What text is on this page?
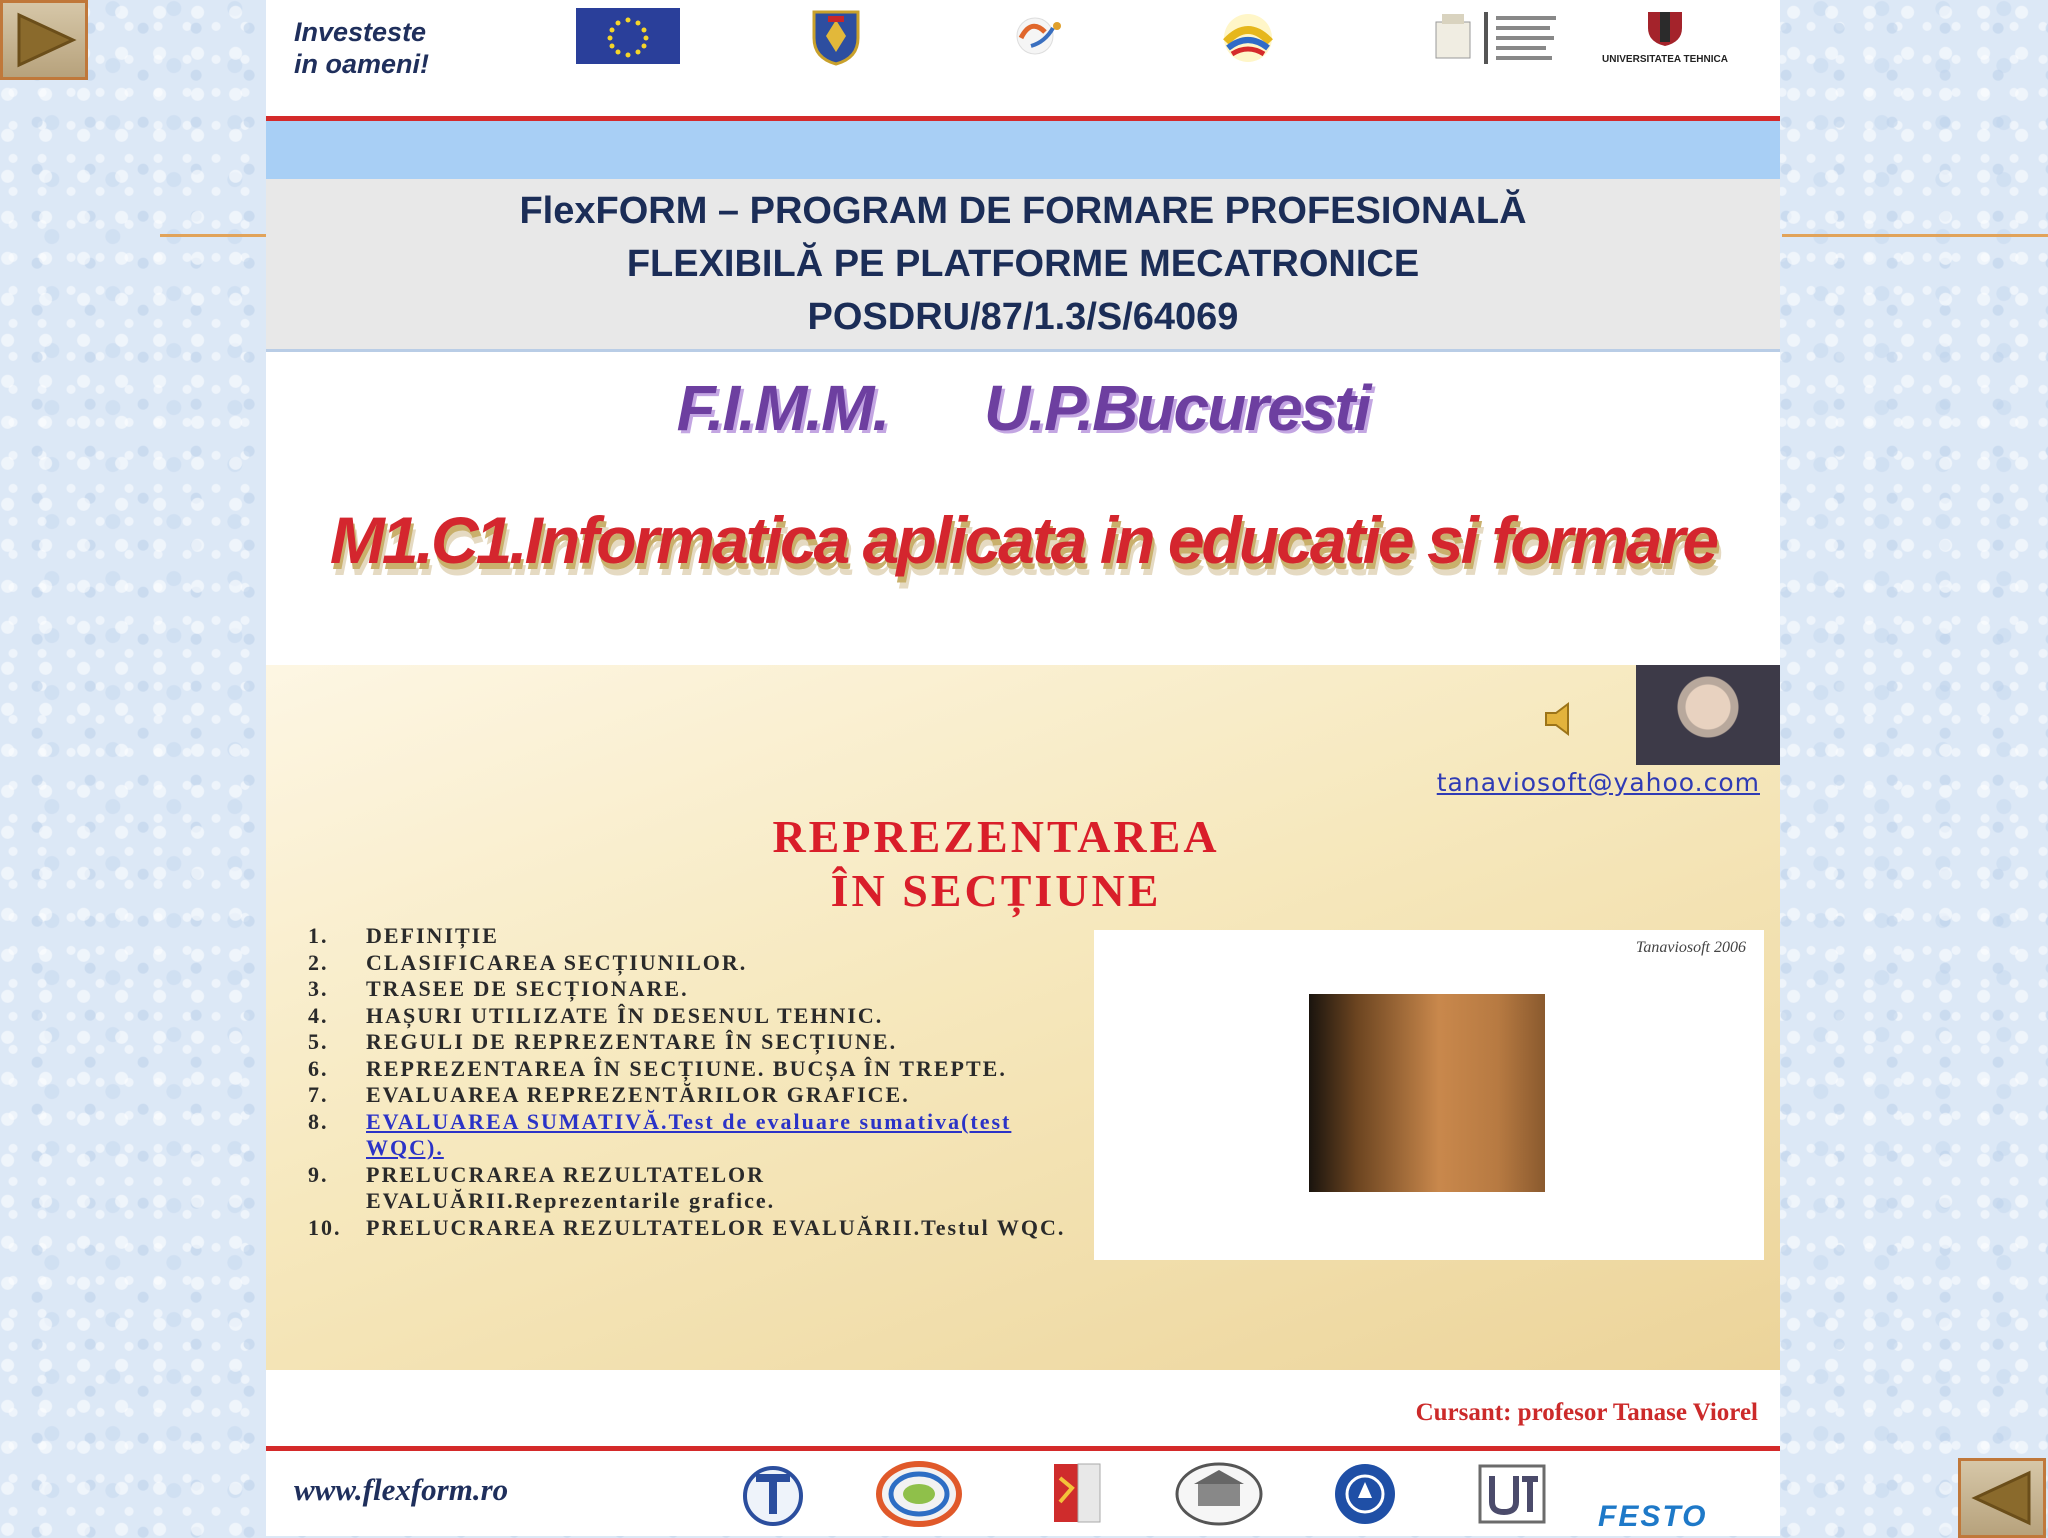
Investeste
in oameni!	UNIVERSITATEA TEHNICA
FlexFORM – PROGRAM DE FORMARE PROFESIONALĂ
FLEXIBILĂ PE PLATFORME MECATRONICE
POSDRU/87/1.3/S/64069
F.I.M.M. U.P.Bucuresti
M1.C1.Informatica aplicata in educatie si formare
tanaviosoft@yahoo.com
REPREZENTAREA
ÎN SECȚIUNE
1.	DEFINIȚIE
2.	CLASIFICAREA SECȚIUNILOR.
3.	TRASEE DE SECȚIONARE.
4.	HAȘURI UTILIZATE ÎN DESENUL TEHNIC.
5.	REGULI DE REPREZENTARE ÎN SECȚIUNE.
6.	REPREZENTAREA ÎN SECȚIUNE. BUCȘA ÎN TREPTE.
7.	EVALUAREA REPREZENTĂRILOR GRAFICE.
8.	EVALUAREA SUMATIVĂ.Test de evaluare sumativa(test WQC).
9.	PRELUCRAREA REZULTATELOR EVALUĂRII.Reprezentarile grafice.
10.	PRELUCRAREA REZULTATELOR EVALUĂRII.Testul WQC.
Tanaviosoft 2006
Cursant: profesor Tanase Viorel
www.flexform.ro
FESTO
